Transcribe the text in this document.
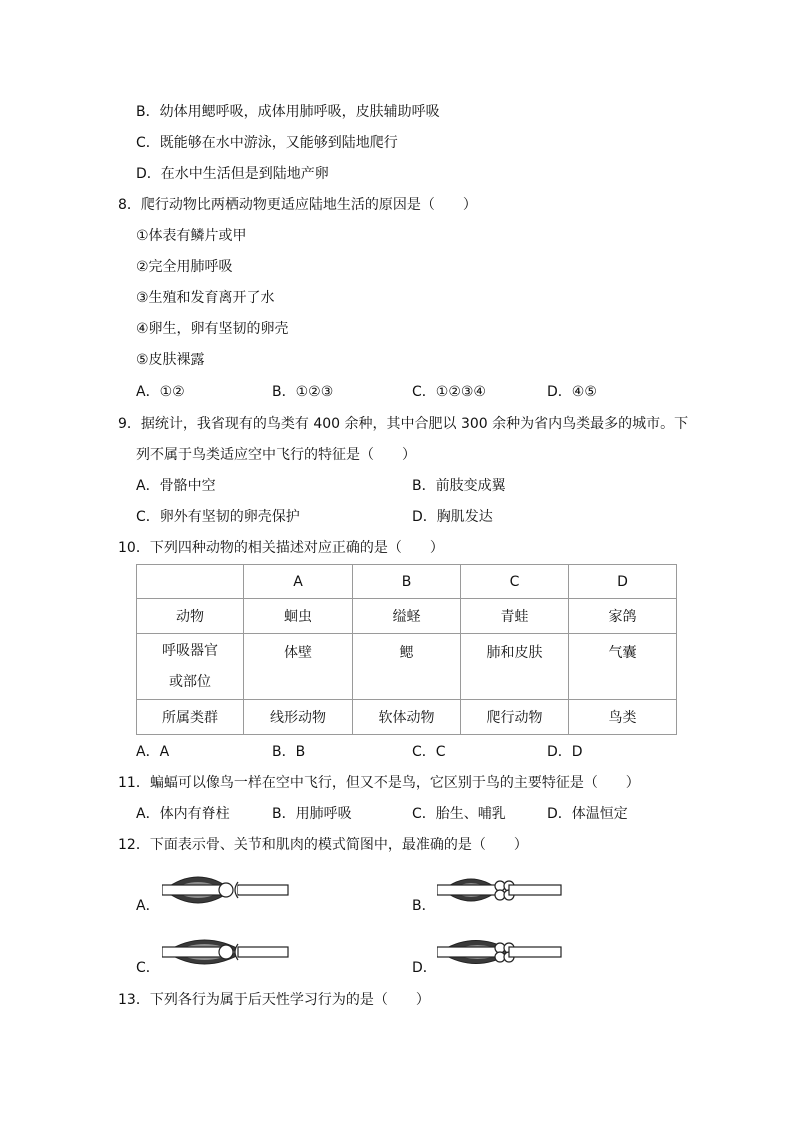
B．幼体用鳃呼吸，成体用肺呼吸，皮肤辅助呼吸
C．既能够在水中游泳，又能够到陆地爬行
D．在水中生活但是到陆地产卵
8．爬行动物比两栖动物更适应陆地生活的原因是（　　）
①体表有鳞片或甲
②完全用肺呼吸
③生殖和发育离开了水
④卵生，卵有坚韧的卵壳
⑤皮肤裸露
A．①②	B．①②③	C．①②③④	D．④⑤
9．据统计，我省现有的鸟类有 400 余种，其中合肥以 300 余种为省内鸟类最多的城市。下
列不属于鸟类适应空中飞行的特征是（　　）
A．骨骼中空	B．前肢变成翼
C．卵外有坚韧的卵壳保护	D．胸肌发达
10．下列四种动物的相关描述对应正确的是（　　）
	A	B	C	D
动物	蛔虫	缢蛏	青蛙	家鸽
呼吸器官或部位	体壁	鳃	肺和皮肤	气囊
所属类群	线形动物	软体动物	爬行动物	鸟类
A．A	B．B	C．C	D．D
11．蝙蝠可以像鸟一样在空中飞行，但又不是鸟，它区别于鸟的主要特征是（　　）
A．体内有脊柱	B．用肺呼吸	C．胎生、哺乳	D．体温恒定
12．下面表示骨、关节和肌肉的模式简图中，最准确的是（　　）
A．	B．
C．	D．
13．下列各行为属于后天性学习行为的是（　　）
